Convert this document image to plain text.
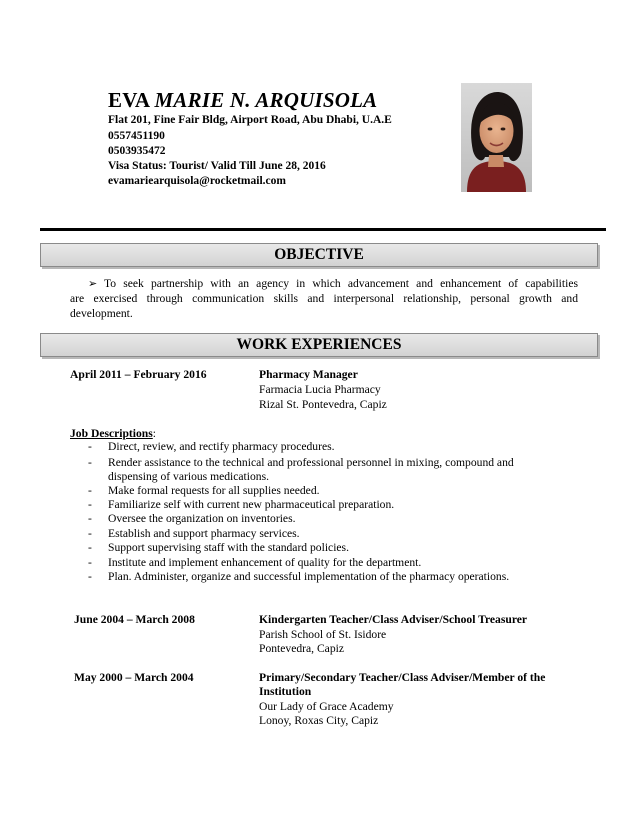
EVA MARIE N. ARQUISOLA
Flat 201, Fine Fair Bldg, Airport Road, Abu Dhabi, U.A.E
0557451190
0503935472
Visa Status: Tourist/ Valid Till June 28, 2016
evamariearquisola@rocketmail.com
OBJECTIVE
➢ To seek partnership with an agency in which advancement and enhancement of capabilities
are exercised through communication skills and interpersonal relationship, personal growth and development.
WORK EXPERIENCES
April 2011 – February 2016	Pharmacy Manager
Farmacia Lucia Pharmacy
Rizal St. Pontevedra, Capiz
Job Descriptions:
- Direct, review, and rectify pharmacy procedures.
- Render assistance to the technical and professional personnel in mixing, compound and
dispensing of various medications.
- Make formal requests for all supplies needed.
- Familiarize self with current new pharmaceutical preparation.
- Oversee the organization on inventories.
- Establish and support pharmacy services.
- Support supervising staff with the standard policies.
- Institute and implement enhancement of quality for the department.
- Plan. Administer, organize and successful implementation of the pharmacy operations.
June 2004 – March 2008	Kindergarten Teacher/Class Adviser/School Treasurer
Parish School of St. Isidore
Pontevedra, Capiz
May 2000 – March 2004	Primary/Secondary Teacher/Class Adviser/Member of the
Institution
Our Lady of Grace Academy
Lonoy, Roxas City, Capiz
